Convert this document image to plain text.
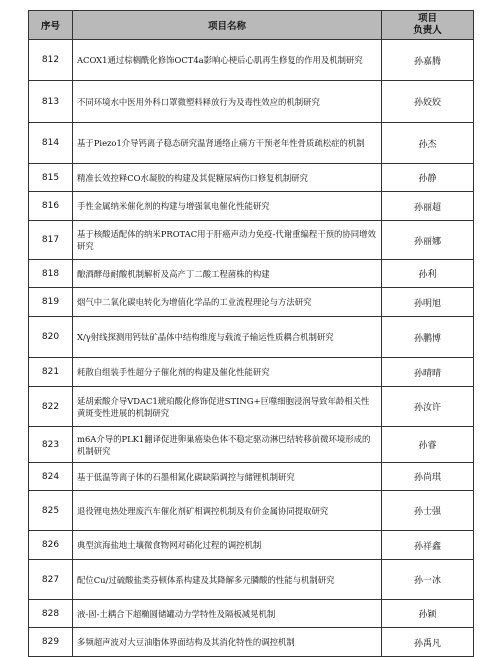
序号	项目名称	项目
负责人

812	ACOX1通过棕榈酰化修饰OCT4a影响心梗后心肌再生修复的作用及机制研究	孙嘉腾
813	不同环境水中医用外科口罩微塑料释放行为及毒性效应的机制研究	孙姣姣
814	基于Piezo1介导钙离子稳态研究温肾通络止痛方干预老年性骨质疏松症的机制	孙杰
815	精准长效控释CO水凝胶的构建及其促糖尿病伤口修复机制研究	孙静
816	手性金属纳米催化剂的构建与增强氧电催化性能研究	孙丽超
817	基于核酸适配体的纳米PROTAC用于肝癌声动力免疫-代谢重编程干预的协同增效研究	孙丽娜
818	酿酒酵母耐酸机制解析及高产丁二酸工程菌株的构建	孙利
819	烟气中二氧化碳电转化为增值化学品的工业流程理论与方法研究	孙明旭
820	X/γ射线探测用钙钛矿晶体中结构维度与载流子输运性质耦合机制研究	孙鹏博
821	耗散自组装手性超分子催化剂的构建及催化性能研究	孙晴晴
822	延胡索酸介导VDAC1琥珀酸化修饰促进STING+巨噬细胞浸润导致年龄相关性黄斑变性进展的机制研究	孙汝许
823	m6A介导的PLK1翻译促进卵巢癌染色体不稳定驱动淋巴结转移前微环境形成的机制研究	孙睿
824	基于低温等离子体的石墨相氮化碳缺陷调控与储锂机制研究	孙尚琪
825	退役锂电热处理废汽车催化剂矿相调控机制及有价金属协同提取研究	孙士强
826	典型滨海盐地土壤微食物网对硝化过程的调控机制	孙祥鑫
827	配位Cu/过硫酸盐类芬顿体系构建及其降解多元膦酸的性能与机制研究	孙一冰
828	液-固-土耦合下超椭圆储罐动力学特性及隔板减晃机制	孙颖
829	多频超声波对大豆油脂体界面结构及其消化特性的调控机制	孙禹凡
